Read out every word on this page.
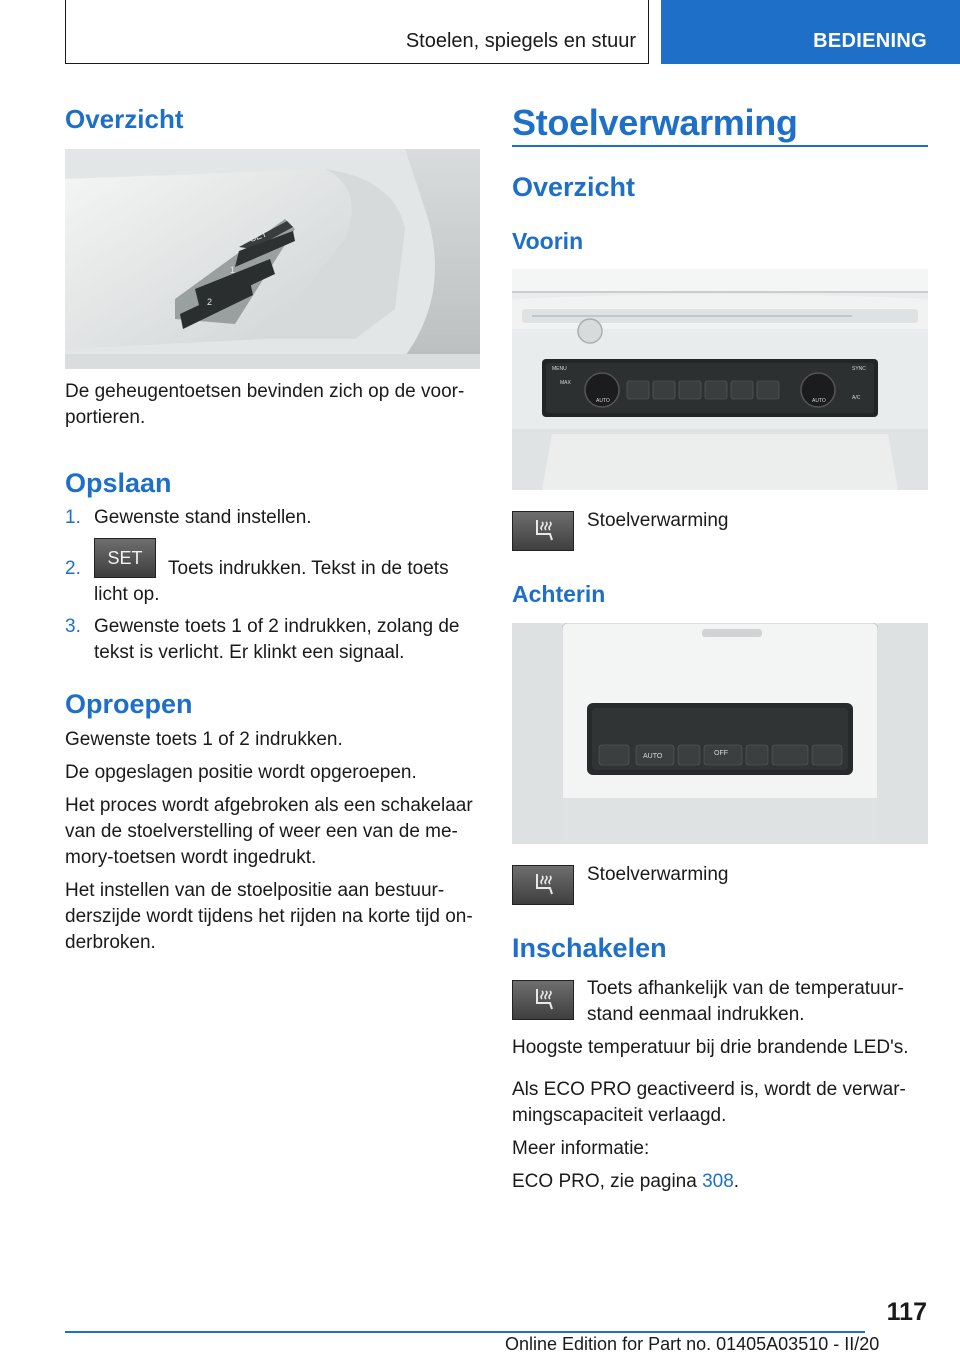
Stoelen, spiegels en stuur	BEDIENING
Overzicht
SET
1
2
De geheugentoetsen bevinden zich op de voor-
portieren.
Opslaan
1. Gewenste stand instellen.
2. SET Toets indrukken. Tekst in de toets
licht op.
3. Gewenste toets 1 of 2 indrukken, zolang de
tekst is verlicht. Er klinkt een signaal.
Oproepen
Gewenste toets 1 of 2 indrukken.
De opgeslagen positie wordt opgeroepen.
Het proces wordt afgebroken als een schakelaar
van de stoelverstelling of weer een van de me-
mory-toetsen wordt ingedrukt.
Het instellen van de stoelpositie aan bestuur-
derszijde wordt tijdens het rijden na korte tijd on-
derbroken.
Stoelverwarming
Overzicht
Voorin
MENU
AUTO	AUTO
SYNC
MAX
A/C
Stoelverwarming
Achterin
AUTO	OFF
Stoelverwarming
Inschakelen
Toets afhankelijk van de temperatuur-
stand eenmaal indrukken.
Hoogste temperatuur bij drie brandende LED's.
Als ECO PRO geactiveerd is, wordt de verwar-
mingscapaciteit verlaagd.
Meer informatie:
ECO PRO, zie pagina 308.
117
Online Edition for Part no. 01405A03510 - II/20
